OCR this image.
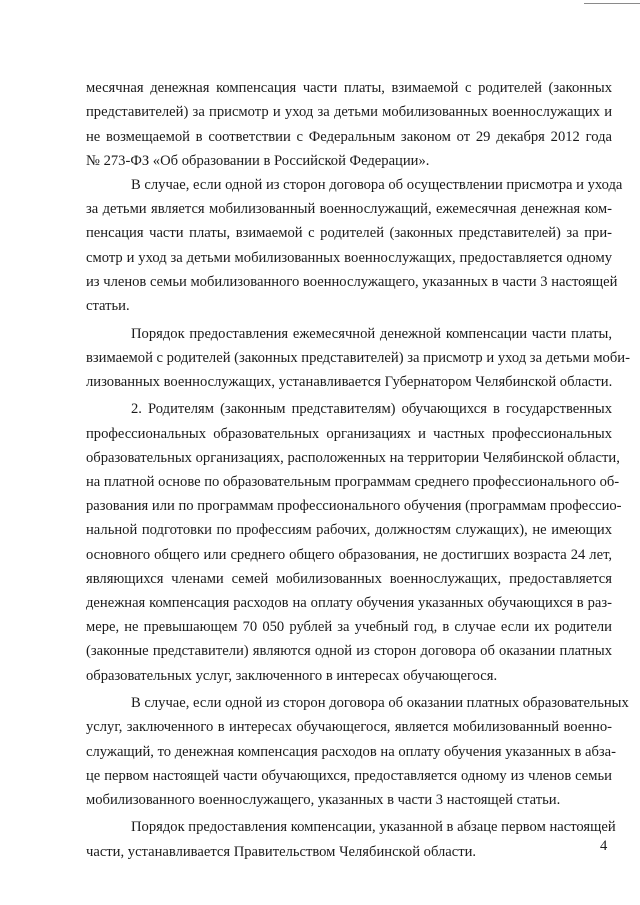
месячная денежная компенсация части платы, взимаемой с родителей (законных
представителей) за присмотр и уход за детьми мобилизованных военнослужащих и
не возмещаемой в соответствии с Федеральным законом от 29 декабря 2012 года
№ 273-ФЗ «Об образовании в Российской Федерации».
В случае, если одной из сторон договора об осуществлении присмотра и ухода
за детьми является мобилизованный военнослужащий, ежемесячная денежная ком-
пенсация части платы, взимаемой с родителей (законных представителей) за при-
смотр и уход за детьми мобилизованных военнослужащих, предоставляется одному
из членов семьи мобилизованного военнослужащего, указанных в части 3 настоящей
статьи.
Порядок предоставления ежемесячной денежной компенсации части платы,
взимаемой с родителей (законных представителей) за присмотр и уход за детьми моби-
лизованных военнослужащих, устанавливается Губернатором Челябинской области.
2. Родителям (законным представителям) обучающихся в государственных
профессиональных образовательных организациях и частных профессиональных
образовательных организациях, расположенных на территории Челябинской области,
на платной основе по образовательным программам среднего профессионального об-
разования или по программам профессионального обучения (программам профессио-
нальной подготовки по профессиям рабочих, должностям служащих), не имеющих
основного общего или среднего общего образования, не достигших возраста 24 лет,
являющихся членами семей мобилизованных военнослужащих, предоставляется
денежная компенсация расходов на оплату обучения указанных обучающихся в раз-
мере, не превышающем 70 050 рублей за учебный год, в случае если их родители
(законные представители) являются одной из сторон договора об оказании платных
образовательных услуг, заключенного в интересах обучающегося.
В случае, если одной из сторон договора об оказании платных образовательных
услуг, заключенного в интересах обучающегося, является мобилизованный военно-
служащий, то денежная компенсация расходов на оплату обучения указанных в абза-
це первом настоящей части обучающихся, предоставляется одному из членов семьи
мобилизованного военнослужащего, указанных в части 3 настоящей статьи.
Порядок предоставления компенсации, указанной в абзаце первом настоящей
части, устанавливается Правительством Челябинской области.	4
